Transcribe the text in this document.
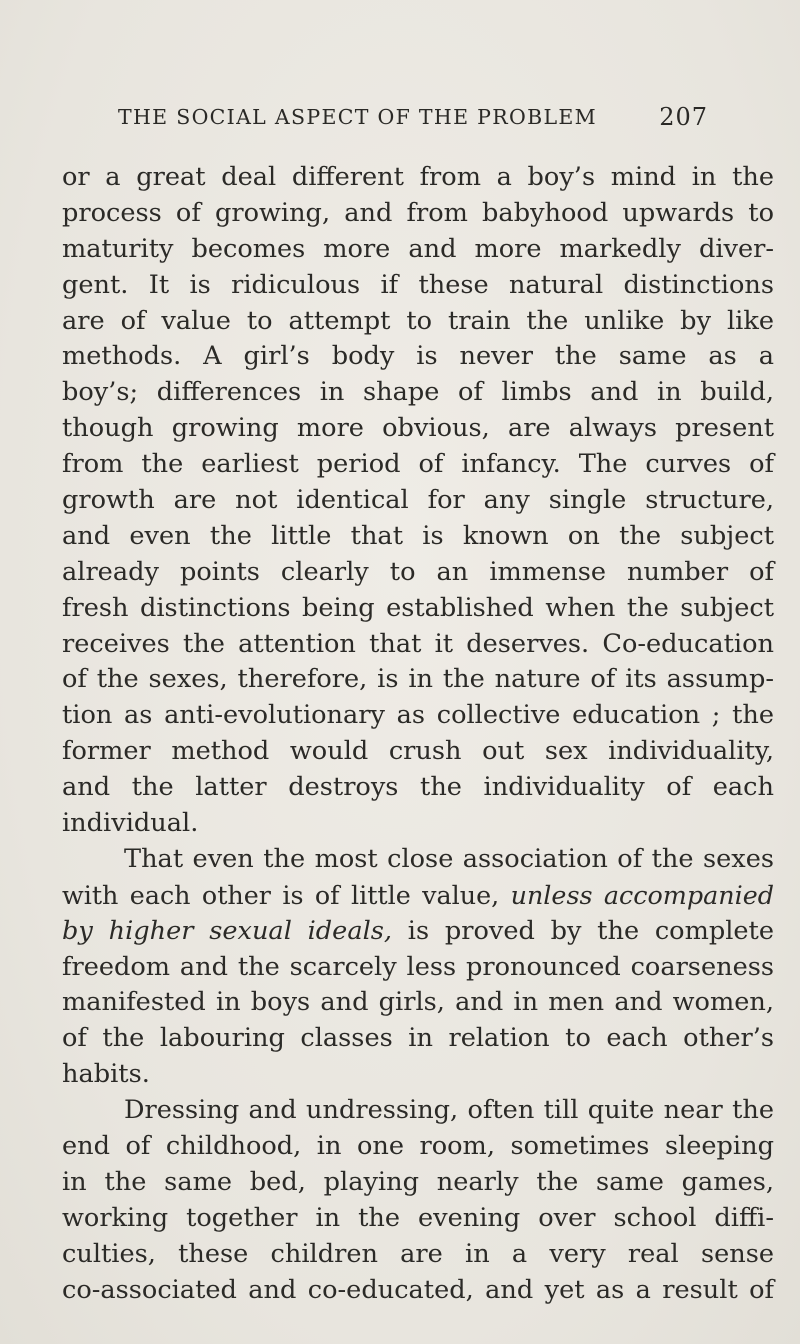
THE SOCIAL ASPECT OF THE PROBLEM	207
or a great deal different from a boy’s mind in the
process of growing, and from babyhood upwards to
maturity becomes more and more markedly diver-
gent. It is ridiculous if these natural distinctions
are of value to attempt to train the unlike by like
methods. A girl’s body is never the same as a
boy’s; differences in shape of limbs and in build,
though growing more obvious, are always present
from the earliest period of infancy. The curves of
growth are not identical for any single structure,
and even the little that is known on the subject
already points clearly to an immense number of
fresh distinctions being established when the subject
receives the attention that it deserves. Co-education
of the sexes, therefore, is in the nature of its assump-
tion as anti-evolutionary as collective education ; the
former method would crush out sex individuality,
and the latter destroys the individuality of each
individual.
That even the most close association of the sexes
with each other is of little value, unless accompanied
by higher sexual ideals, is proved by the complete
freedom and the scarcely less pronounced coarseness
manifested in boys and girls, and in men and women,
of the labouring classes in relation to each other’s
habits.
Dressing and undressing, often till quite near the
end of childhood, in one room, sometimes sleeping
in the same bed, playing nearly the same games,
working together in the evening over school diffi-
culties, these children are in a very real sense
co-associated and co-educated, and yet as a result of
